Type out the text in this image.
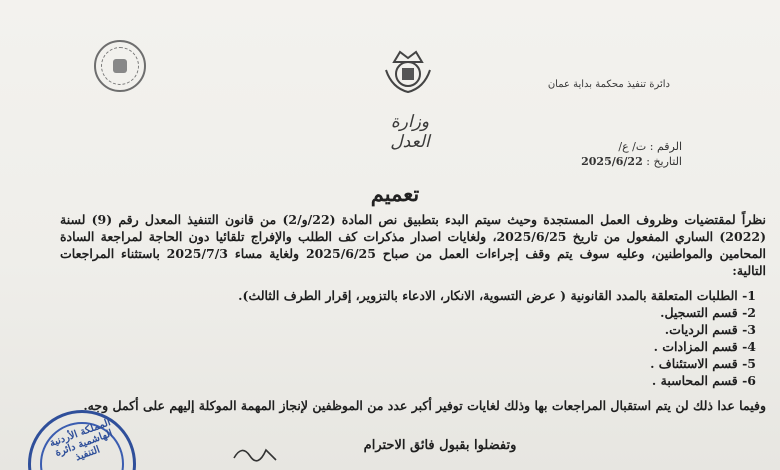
وزارة العدل
دائرة تنفيذ محكمة بداية عمان
الرقم : ت/ ع/
التاريخ : 2025/6/22
تعميم

نظراً لمقتضيات وظروف العمل المستجدة وحيث سيتم البدء بتطبيق نص المادة (22/و/2) من قانون التنفيذ المعدل رقم (9) لسنة (2022) الساري المفعول من تاريخ 2025/6/25، ولغايات اصدار مذكرات كف الطلب والإفراج تلقائيا دون الحاجة لمراجعة السادة المحامين والمواطنين، وعليه سوف يتم وقف إجراءات العمل من صباح 2025/6/25 ولغاية مساء 2025/7/3 باستثناء المراجعات التالية:

1- الطلبات المتعلقة بالمدد القانونية ( عرض التسوية، الانكار، الادعاء بالتزوير، إقرار الطرف الثالث).
2- قسم التسجيل.
3- قسم الرديات.
4- قسم المزادات .
5- قسم الاستئناف .
6- قسم المحاسبة .

وفيما عدا ذلك لن يتم استقبال المراجعات بها وذلك لغايات توفير أكبر عدد من الموظفين لإنجاز المهمة الموكلة إليهم على أكمل وجه.

وتفضلوا بقبول فائق الاحترام
المملكة الأردنية الهاشمية دائرة التنفيذ
